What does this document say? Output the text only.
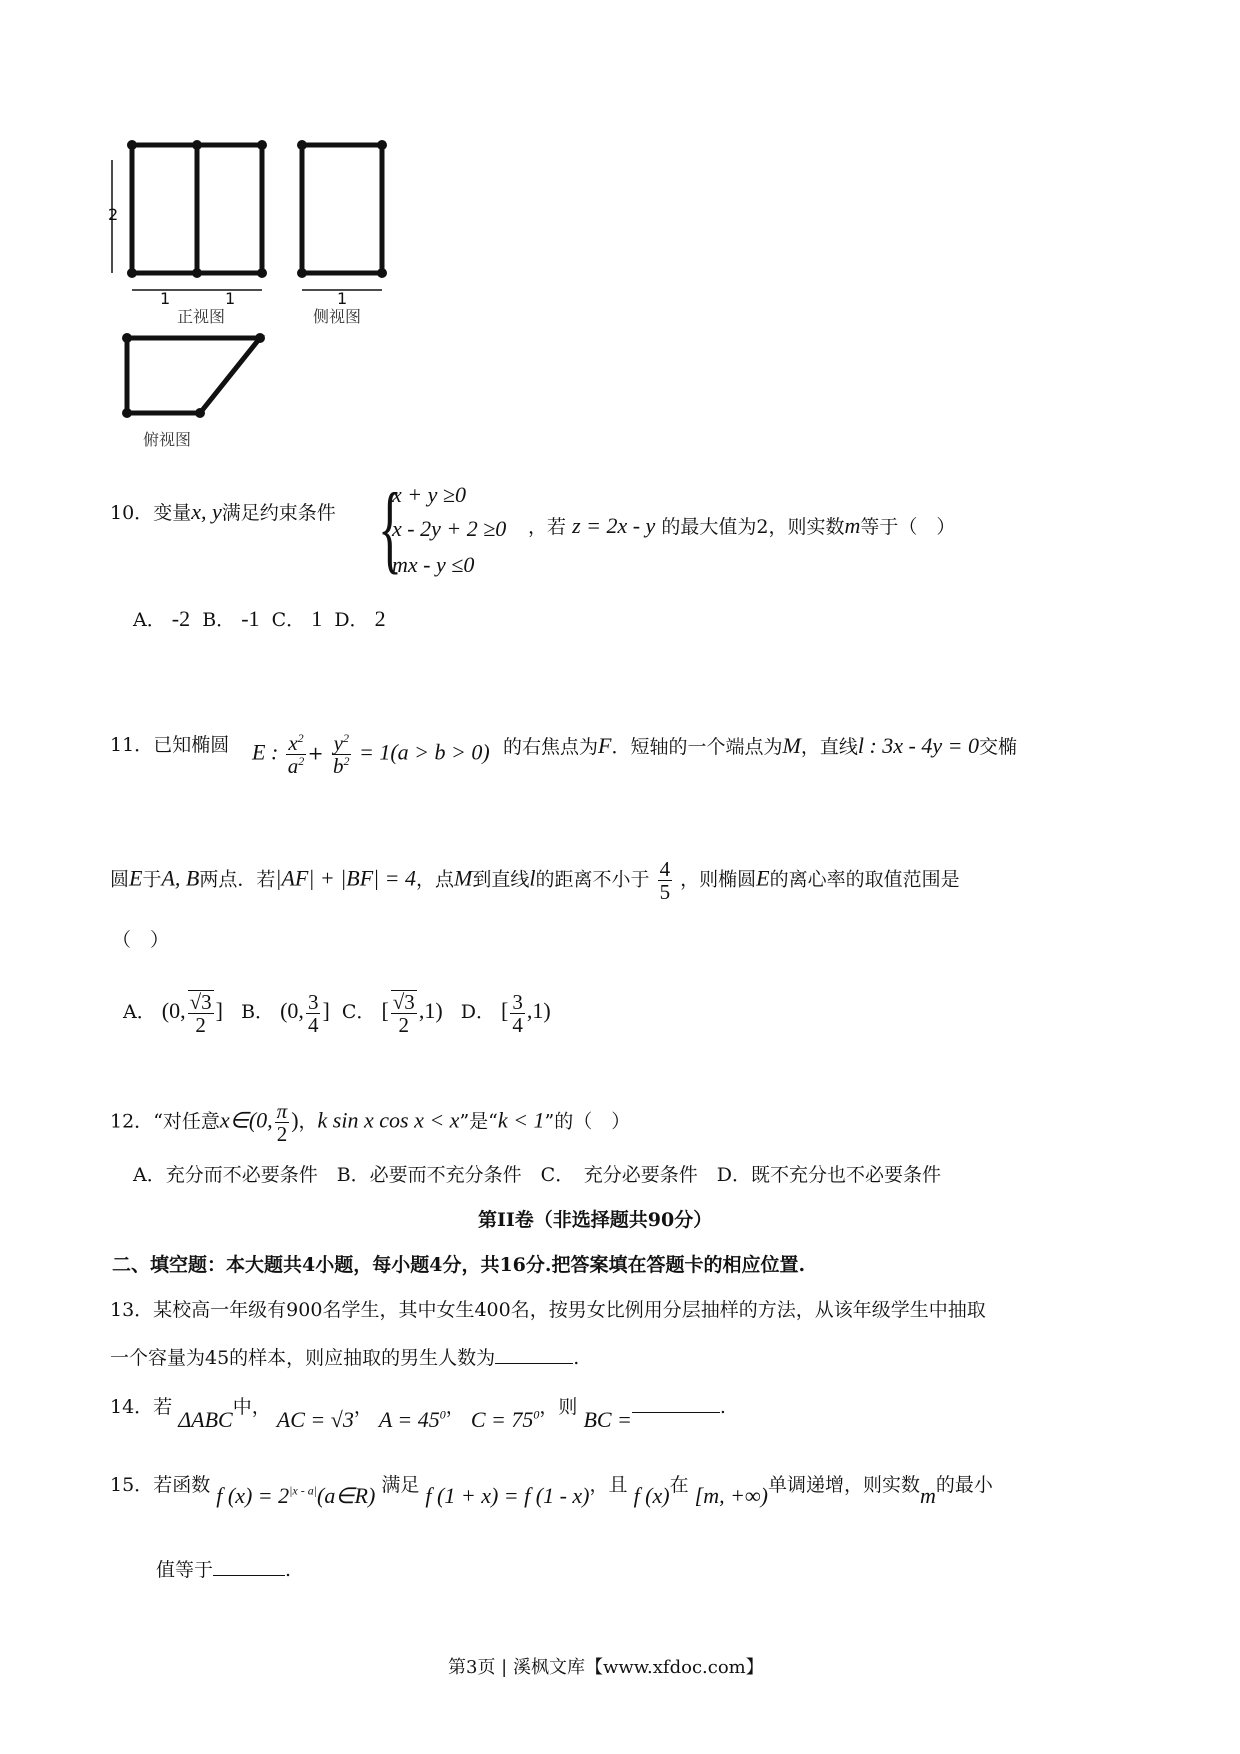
2
1	1	1
正视图	侧视图
俯视图
10．变量x, y满足约束条件 {
x + y ≥0
x - 2y + 2 ≥0
mx - y ≤0
，若 z = 2x - y 的最大值为2，则实数m等于（　）
A． -2 B． -1 C． 1 D． 2
11．已知椭圆 E : $\frac{x^2}{a^2} + \frac{y^2}{b^2} = 1(a > b > 0)$ 的右焦点为F．短轴的一个端点为M，直线l : 3x - 4y = 0交椭
圆E于A, B两点．若|AF| + |BF| = 4，点M到直线l的距离不小于 $\frac{4}{5}$ ，则椭圆E的离心率的取值范围是
（　）
A． (0, $\frac{√3}{2}$ ] B． (0, $\frac{3}{4}$ ] C． [ $\frac{√3}{2} ,1$) D． [ $\frac{3}{4} ,1$)
12．“对任意x∈(0, $\frac{\pi}{2}$ )，k sin x cos x < x”是“k < 1”的（　）
A．充分而不必要条件　B．必要而不充分条件　C．　充分必要条件　D．既不充分也不必要条件
第II卷（非选择题共90分）
二、填空题：本大题共4小题，每小题4分，共16分.把答案填在答题卡的相应位置.
13．某校高一年级有900名学生，其中女生400名，按男女比例用分层抽样的方法，从该年级学生中抽取
一个容量为45的样本，则应抽取的男生人数为	.
14．若 ΔABC中， AC = √3， $A = 45^0$， $C = 75^0$，则 BC =	.
15．若函数 f $(x) = 2^{|x - a|}(a\in R)$ 满足 f (1 + x) = f (1 - x)，且 f (x)在 [m, +∞)单调递增，则实数m的最小
值等于	.
第3页 | 溪枫文库【www.xfdoc.com】
